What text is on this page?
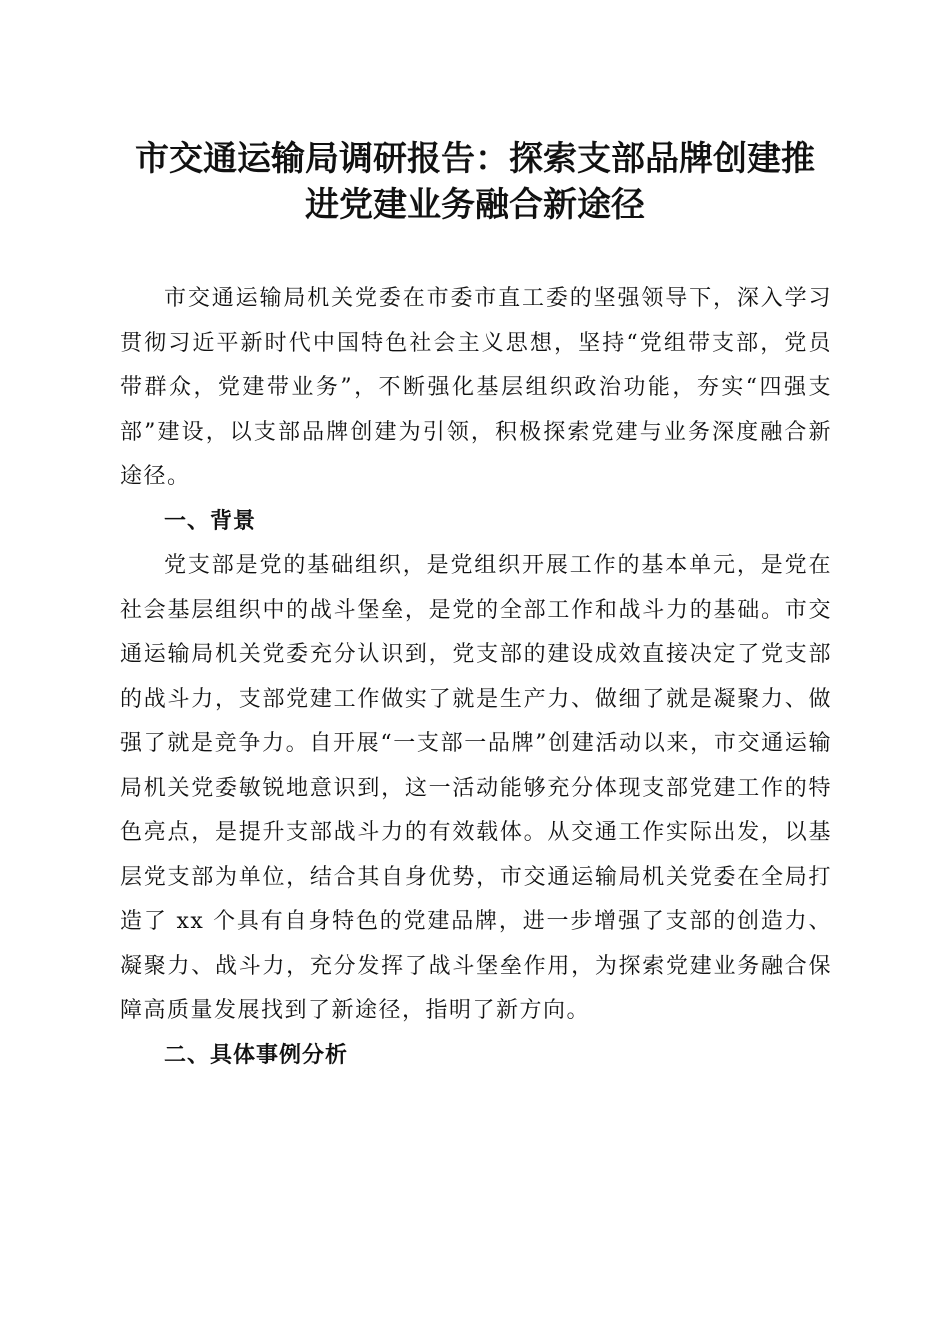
市交通运输局调研报告：探索支部品牌创建推
进党建业务融合新途径

市交通运输局机关党委在市委市直工委的坚强领导下，深入学习贯彻习近平新时代中国特色社会主义思想，坚持“党组带支部，党员带群众，党建带业务”，不断强化基层组织政治功能，夯实“四强支部”建设，以支部品牌创建为引领，积极探索党建与业务深度融合新途径。

一、背景

党支部是党的基础组织，是党组织开展工作的基本单元，是党在社会基层组织中的战斗堡垒，是党的全部工作和战斗力的基础。市交通运输局机关党委充分认识到，党支部的建设成效直接决定了党支部的战斗力，支部党建工作做实了就是生产力、做细了就是凝聚力、做强了就是竞争力。自开展“一支部一品牌”创建活动以来，市交通运输局机关党委敏锐地意识到，这一活动能够充分体现支部党建工作的特色亮点，是提升支部战斗力的有效载体。从交通工作实际出发，以基层党支部为单位，结合其自身优势，市交通运输局机关党委在全局打造了 xx 个具有自身特色的党建品牌，进一步增强了支部的创造力、凝聚力、战斗力，充分发挥了战斗堡垒作用，为探索党建业务融合保障高质量发展找到了新途径，指明了新方向。

二、具体事例分析
